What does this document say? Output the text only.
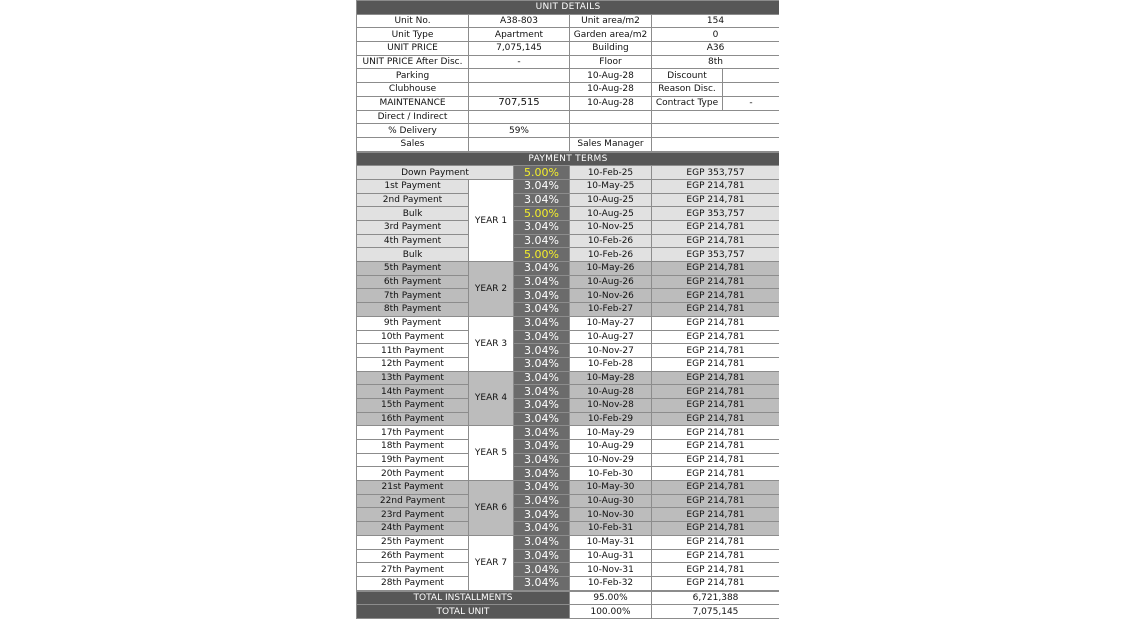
UNIT DETAILS				
Unit No.	A38-803	Unit area/m2	154	
Unit Type	Apartment	Garden area/m2	0	
UNIT PRICE	7,075,145	Building	A36	
UNIT PRICE After Disc.	-	Floor	8th	
Parking		10-Aug-28	Discount	
Clubhouse		10-Aug-28	Reason Disc.	
MAINTENANCE	707,515	10-Aug-28	Contract Type	-
Direct / Indirect				
% Delivery	59%			
Sales		Sales Manager		
PAYMENT TERMS				
Down Payment		5.00%	10-Feb-25	EGP 353,757
1st Payment	YEAR 1	3.04%	10-May-25	EGP 214,781
2nd Payment		3.04%	10-Aug-25	EGP 214,781
Bulk		5.00%	10-Aug-25	EGP 353,757
3rd Payment		3.04%	10-Nov-25	EGP 214,781
4th Payment		3.04%	10-Feb-26	EGP 214,781
Bulk		5.00%	10-Feb-26	EGP 353,757
5th Payment	YEAR 2	3.04%	10-May-26	EGP 214,781
6th Payment		3.04%	10-Aug-26	EGP 214,781
7th Payment		3.04%	10-Nov-26	EGP 214,781
8th Payment		3.04%	10-Feb-27	EGP 214,781
9th Payment	YEAR 3	3.04%	10-May-27	EGP 214,781
10th Payment		3.04%	10-Aug-27	EGP 214,781
11th Payment		3.04%	10-Nov-27	EGP 214,781
12th Payment		3.04%	10-Feb-28	EGP 214,781
13th Payment	YEAR 4	3.04%	10-May-28	EGP 214,781
14th Payment		3.04%	10-Aug-28	EGP 214,781
15th Payment		3.04%	10-Nov-28	EGP 214,781
16th Payment		3.04%	10-Feb-29	EGP 214,781
17th Payment	YEAR 5	3.04%	10-May-29	EGP 214,781
18th Payment		3.04%	10-Aug-29	EGP 214,781
19th Payment		3.04%	10-Nov-29	EGP 214,781
20th Payment		3.04%	10-Feb-30	EGP 214,781
21st Payment	YEAR 6	3.04%	10-May-30	EGP 214,781
22nd Payment		3.04%	10-Aug-30	EGP 214,781
23rd Payment		3.04%	10-Nov-30	EGP 214,781
24th Payment		3.04%	10-Feb-31	EGP 214,781
25th Payment	YEAR 7	3.04%	10-May-31	EGP 214,781
26th Payment		3.04%	10-Aug-31	EGP 214,781
27th Payment		3.04%	10-Nov-31	EGP 214,781
28th Payment		3.04%	10-Feb-32	EGP 214,781
TOTAL INSTALLMENTS	95.00%	6,721,388
TOTAL UNIT	100.00%	7,075,145
